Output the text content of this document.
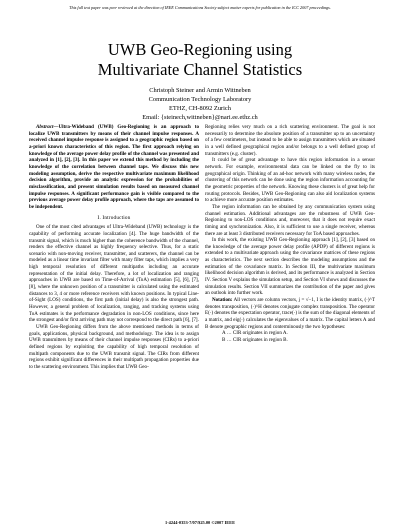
This full text paper was peer reviewed at the direction of IEEE Communications Society subject matter experts for publication in the ICC 2007 proceedings.
UWB Geo-Regioning using
Multivariate Channel Statistics
Christoph Steiner and Armin Wittneben
Communication Technology Laboratory
ETHZ, CH-8092 Zurich
Email: {steinech,wittneben}@nari.ee.ethz.ch

Abstract—Ultra-Wideband (UWB) Geo-Regioning is an approach to localize UWB transmitters by means of their channel impulse responses. A received channel impulse response is assigned to a geographic region based on a-priori known characteristics of this region. The first approach relying on knowledge of the average power delay profile of the channel was presented and analyzed in [1], [2], [3]. In this paper we extend this method by including the knowledge of the correlation between channel taps. We discuss this new modeling assumption, derive the respective multivariate maximum likelihood decision algorithm, provide an analytic expression for the probabilities of misclassification, and present simulation results based on measured channel impulse responses. A significant performance gain is visible compared to the previous average power delay profile approach, where the taps are assumed to be independent.

I. Introduction

One of the most cited advantages of Ultra-Wideband (UWB) technology is the capability of performing accurate localization [4]. The huge bandwidth of the transmit signal, which is much higher than the coherence bandwidth of the channel, renders the effective channel as highly frequency selective. Thus, for a static scenario with non-moving receiver, transmitter, and scatterers, the channel can be modeled as a linear time invariant filter with many filter taps, which implies a very high temporal resolution of different multipaths including an accurate representation of the initial delay. Therefore, a lot of localization and ranging approaches in UWB are based on Time-of-Arrival (ToA) estimation [5], [6], [7], [8], where the unknown position of a transmitter is calculated using the estimated distances to 3, 4 or more reference receivers with known positions. In typical Line-of-Sight (LOS) conditions, the first path (initial delay) is also the strongest path. However, a general problem of localization, ranging, and tracking systems using ToA estimates is the performance degradation in non-LOS conditions, since here the strongest and/or first arriving path may not correspond to the direct path [6], [7].

UWB Geo-Regioning differs from the above mentioned methods in terms of goals, applications, physical background, and methodology. The idea is to assign UWB transmitters by means of their channel impulse responses (CIRs) to a-priori defined regions by exploiting the capability of high temporal resolution of multipath components due to the UWB transmit signal. The CIRs from different regions exhibit significant differences in their multipath propagation properties due to the scattering environment. This implies that UWB Geo-

Regioning relies very much on a rich scattering environment. The goal is not necessarily to determine the absolute position of a transmitter up to an uncertainty of a few centimeters, but instead to be able to assign transmitters which are situated in a well defined geographical region and/or belongs to a well defined group of transmitters (e.g. cluster).

It could be of great advantage to have this region information in a sensor network. For example, environmental data can be linked on the fly to its geographical origin. Thinking of an ad-hoc network with many wireless nodes, the clustering of this network can be done using the region information accounting for the geometric properties of the network. Knowing these clusters is of great help for routing protocols. Besides, UWB Geo-Regioning can also aid localization systems to achieve more accurate position estimates.

The region information can be obtained by any communication system using channel estimation. Additional advantages are the robustness of UWB Geo-Regioning to non-LOS conditions and, moreover, that it does not require exact timing and synchronization. Also, it is sufficient to use a single receiver, whereas there are at least 3 distributed receivers necessary for ToA based approaches.

In this work, the existing UWB Geo-Regioning approach [1], [2], [3] based on the knowledge of the average power delay profile (APDP) of different regions is extended to a multivariate approach using the covariance matrices of these regions as characteristics. The next section describes the modeling assumptions and the estimation of the covariance matrix. In Section III, the multivariate maximum likelihood decision algorithm is derived, and its performance is analyzed in Section IV. Section V explains the simulation setup, and Section VI shows and discusses the simulation results. Section VII summarizes the contribution of the paper and gives an outlook into further work.

Notation: All vectors are column vectors, j = √−1, I is the identity matrix, (·)^T denotes transposition, (·)^H denotes conjugate complex transposition. The operator E(·) denotes the expectation operator, trace(·) is the sum of the diagonal elements of a matrix, and eig(·) calculates the eigenvalues of a matrix. The capital letters A and B denote geographic regions and conterminously the two hypotheses:

A … CIR originates in region A.

B … CIR originates in region B.

1-4244-0353-7/07/$25.00 ©2007 IEEE
